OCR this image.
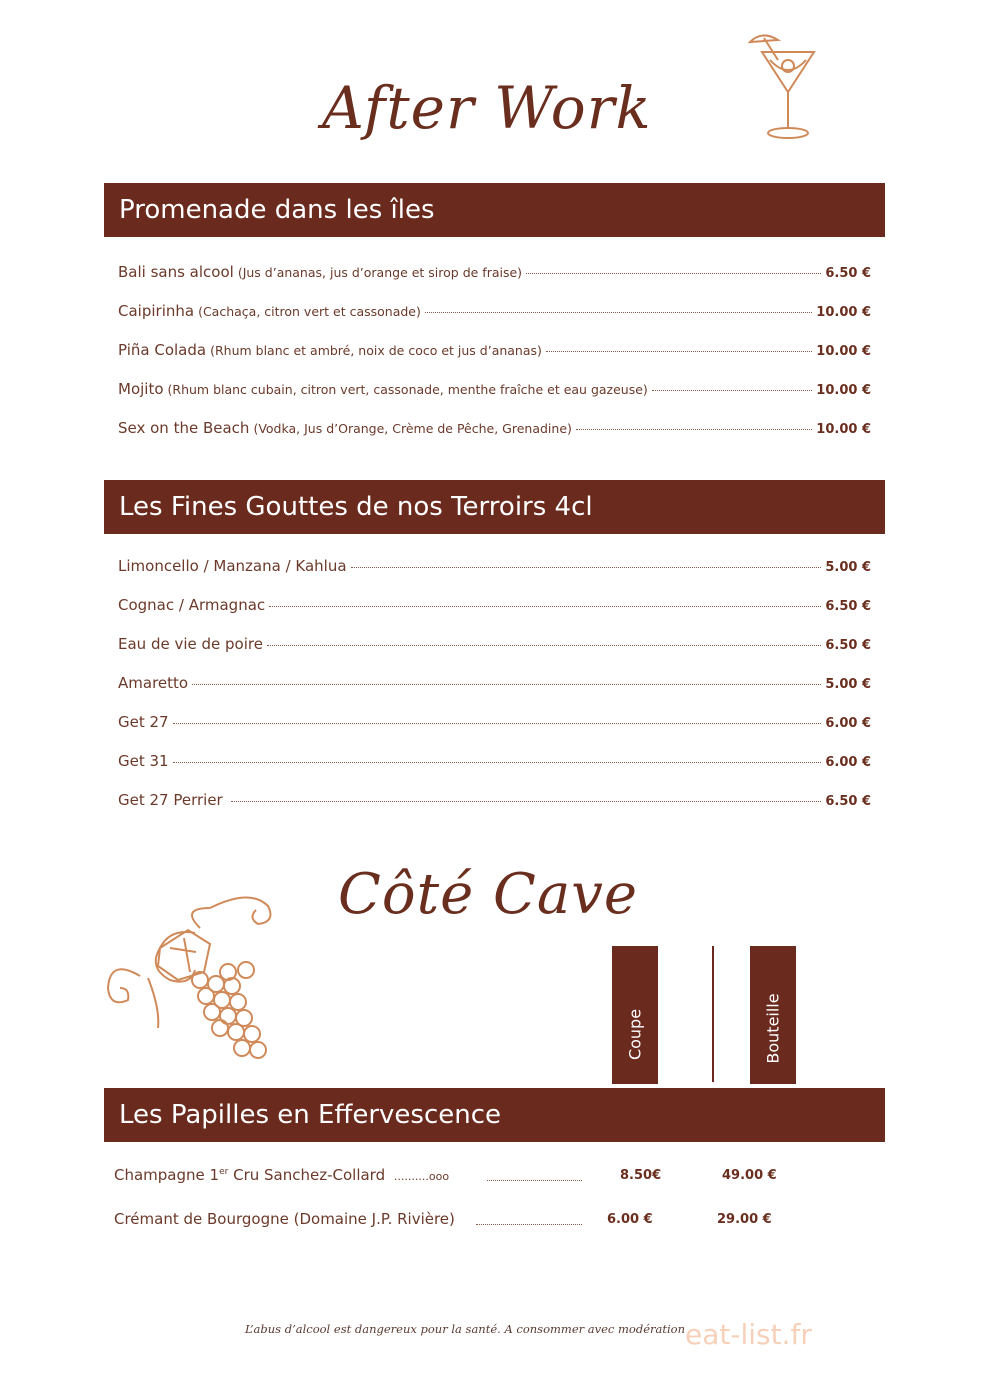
After Work
Promenade dans les îles
Bali sans alcool (Jus d’ananas, jus d’orange et sirop de fraise)	6.50 €
Caipirinha (Cachaça, citron vert et cassonade)	10.00 €
Piña Colada (Rhum blanc et ambré, noix de coco et jus d’ananas)	10.00 €
Mojito (Rhum blanc cubain, citron vert, cassonade, menthe fraîche et eau gazeuse)	10.00 €
Sex on the Beach (Vodka, Jus d’Orange, Crème de Pêche, Grenadine)	10.00 €
Les Fines Gouttes de nos Terroirs 4cl
Limoncello / Manzana / Kahlua	5.00 €
Cognac / Armagnac	6.50 €
Eau de vie de poire	6.50 €
Amaretto	5.00 €
Get 27	6.00 €
Get 31	6.00 €
Get 27 Perrier	6.50 €
Côté Cave
Coupe	Bouteille
Les Papilles en Effervescence
Champagne 1er Cru Sanchez-Collard ..........ooo	8.50€	49.00 €
Crémant de Bourgogne (Domaine J.P. Rivière)	6.00 €	29.00 €
L’abus d’alcool est dangereux pour la santé. A consommer avec modération eat-list.fr
